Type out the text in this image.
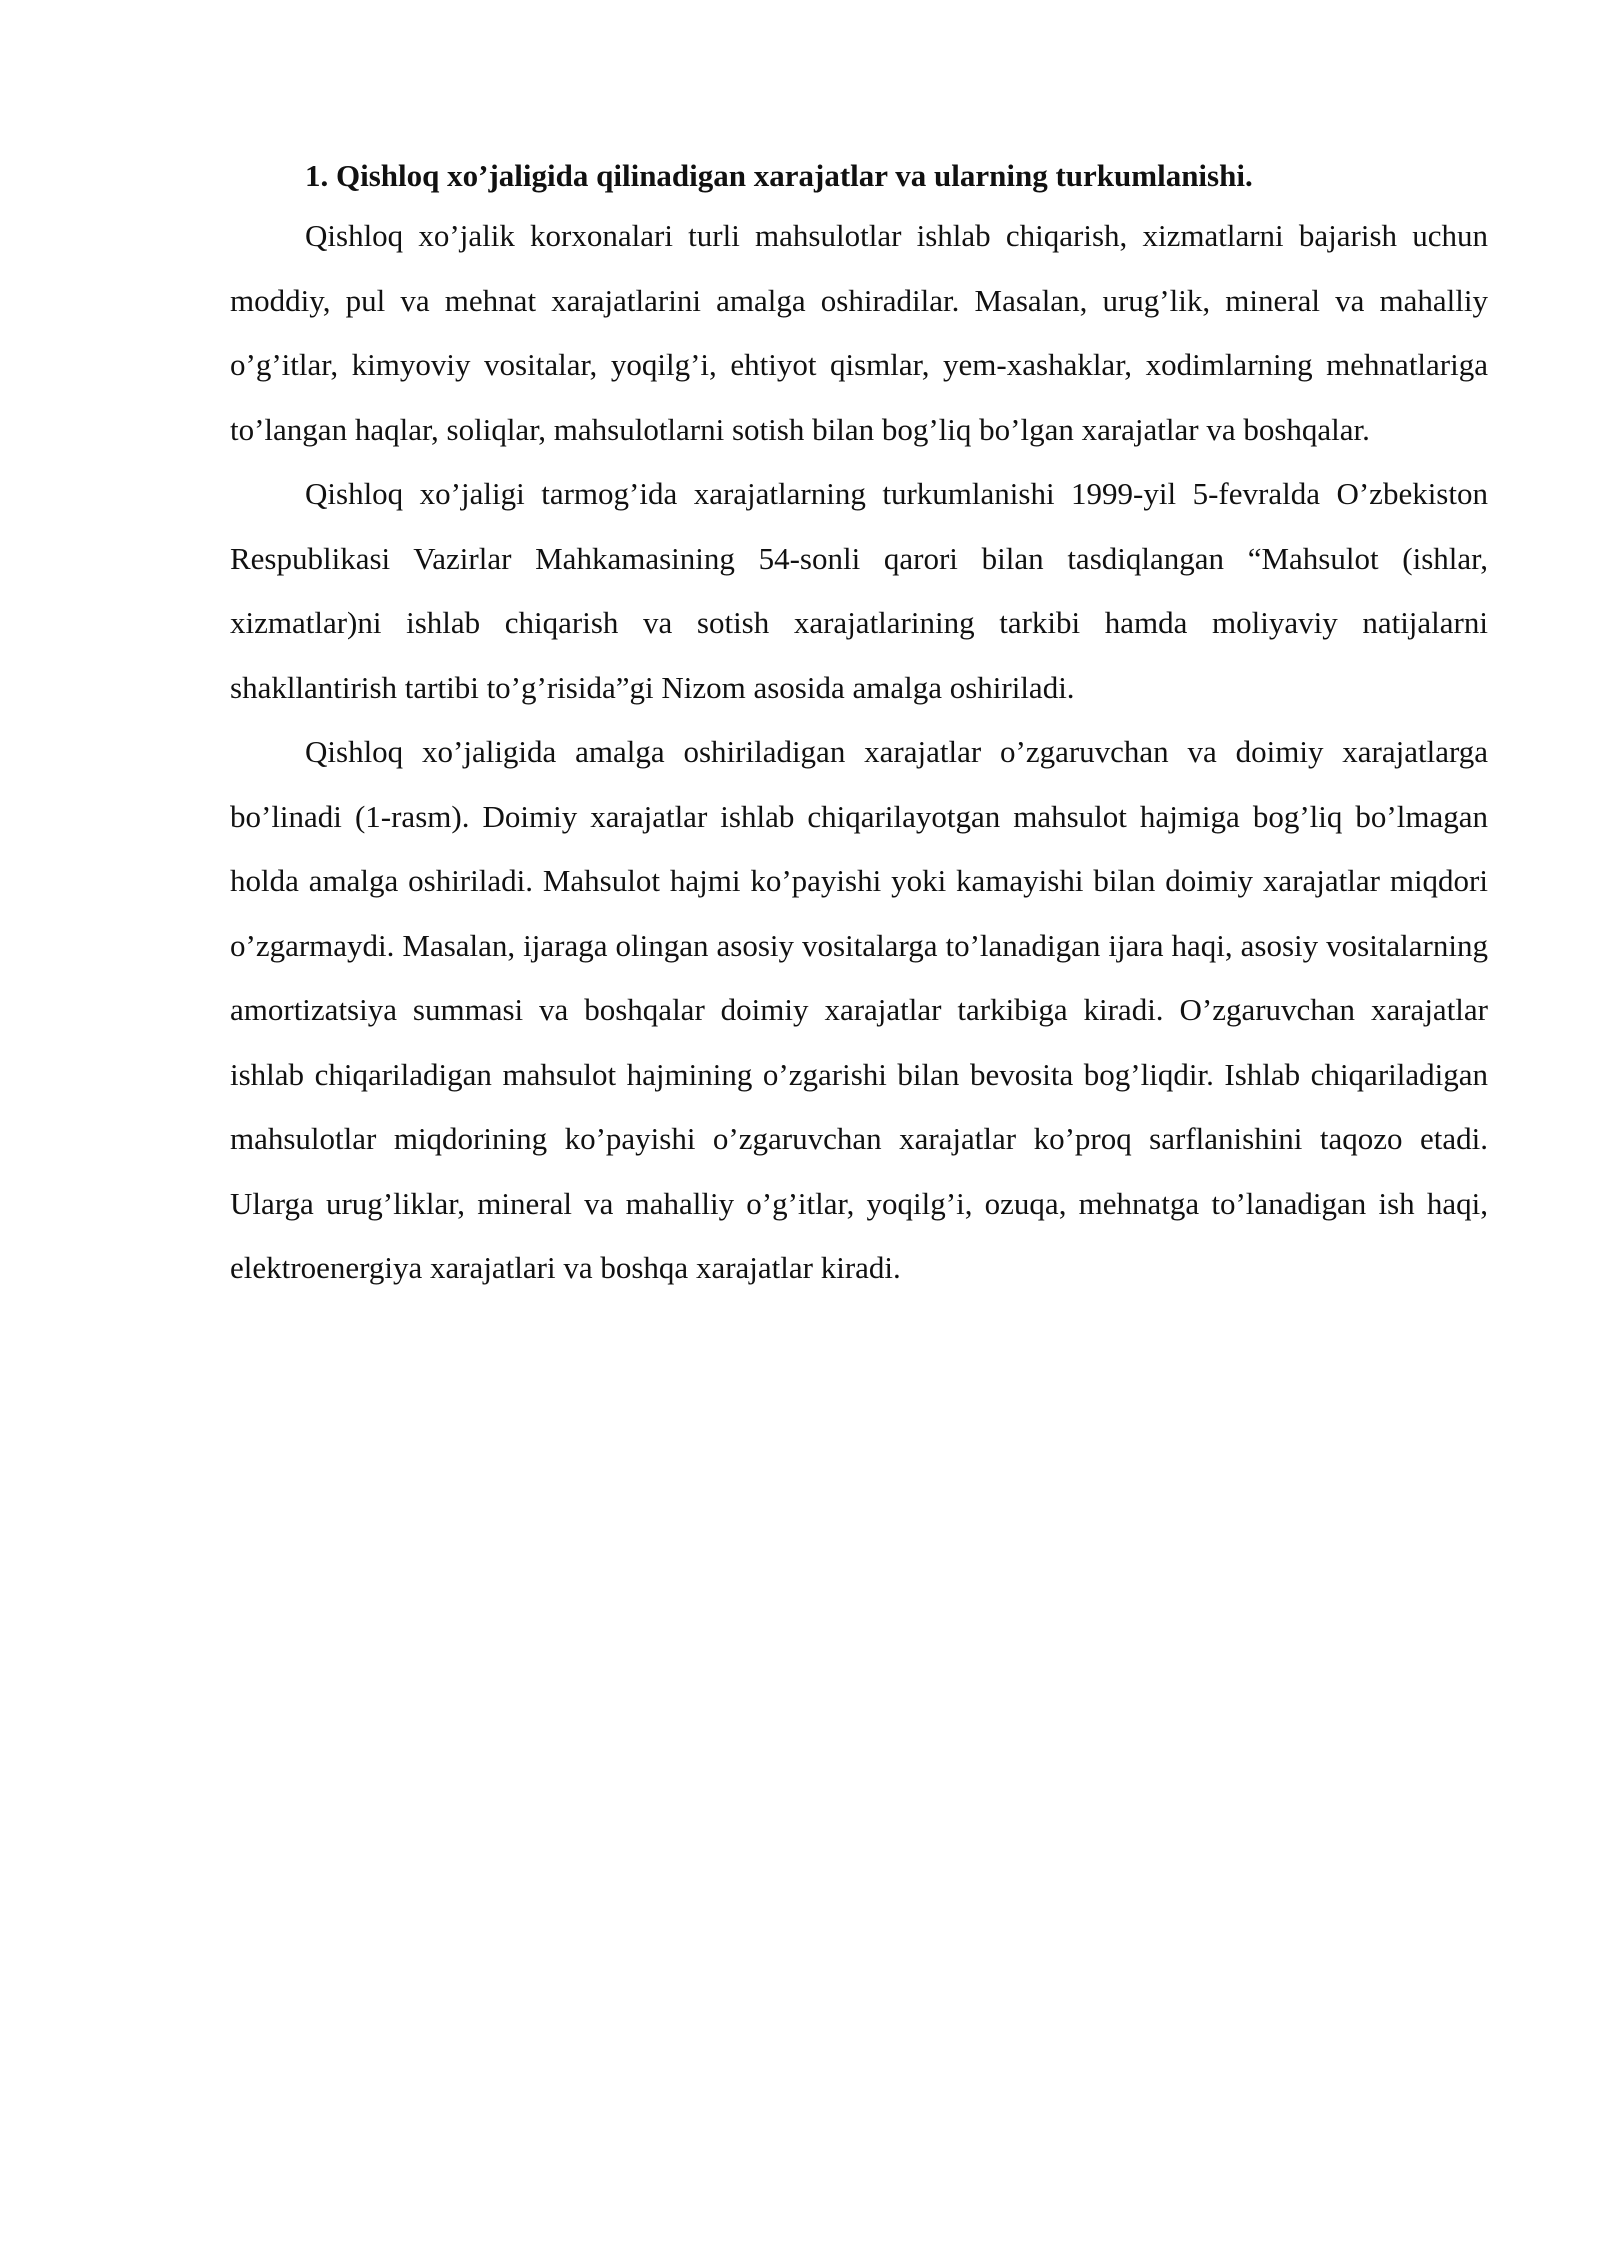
1. Qishloq xo’jaligida qilinadigan xarajatlar va ularning turkumlanishi.

Qishloq xo’jalik korxonalari turli mahsulotlar ishlab chiqarish, xizmatlarni bajarish uchun moddiy, pul va mehnat xarajatlarini amalga oshiradilar. Masalan, urug’lik, mineral va mahalliy o’g’itlar, kimyoviy vositalar, yoqilg’i, ehtiyot qismlar, yem-xashaklar, xodimlarning mehnatlariga to’langan haqlar, soliqlar, mahsulotlarni sotish bilan bog’liq bo’lgan xarajatlar va boshqalar.

Qishloq xo’jaligi tarmog’ida xarajatlarning turkumlanishi 1999-yil 5-fevralda O’zbekiston Respublikasi Vazirlar Mahkamasining 54-sonli qarori bilan tasdiqlangan “Mahsulot (ishlar, xizmatlar)ni ishlab chiqarish va sotish xarajatlarining tarkibi hamda moliyaviy natijalarni shakllantirish tartibi to’g’risida”gi Nizom asosida amalga oshiriladi.

Qishloq xo’jaligida amalga oshiriladigan xarajatlar o’zgaruvchan va doimiy xarajatlarga bo’linadi (1-rasm). Doimiy xarajatlar ishlab chiqarilayotgan mahsulot hajmiga bog’liq bo’lmagan holda amalga oshiriladi. Mahsulot hajmi ko’payishi yoki kamayishi bilan doimiy xarajatlar miqdori o’zgarmaydi. Masalan, ijaraga olingan asosiy vositalarga to’lanadigan ijara haqi, asosiy vositalarning amortizatsiya summasi va boshqalar doimiy xarajatlar tarkibiga kiradi. O’zgaruvchan xarajatlar ishlab chiqariladigan mahsulot hajmining o’zgarishi bilan bevosita bog’liqdir. Ishlab chiqariladigan mahsulotlar miqdorining ko’payishi o’zgaruvchan xarajatlar ko’proq sarflanishini taqozo etadi. Ularga urug’liklar, mineral va mahalliy o’g’itlar, yoqilg’i, ozuqa, mehnatga to’lanadigan ish haqi, elektroenergiya xarajatlari va boshqa xarajatlar kiradi.
